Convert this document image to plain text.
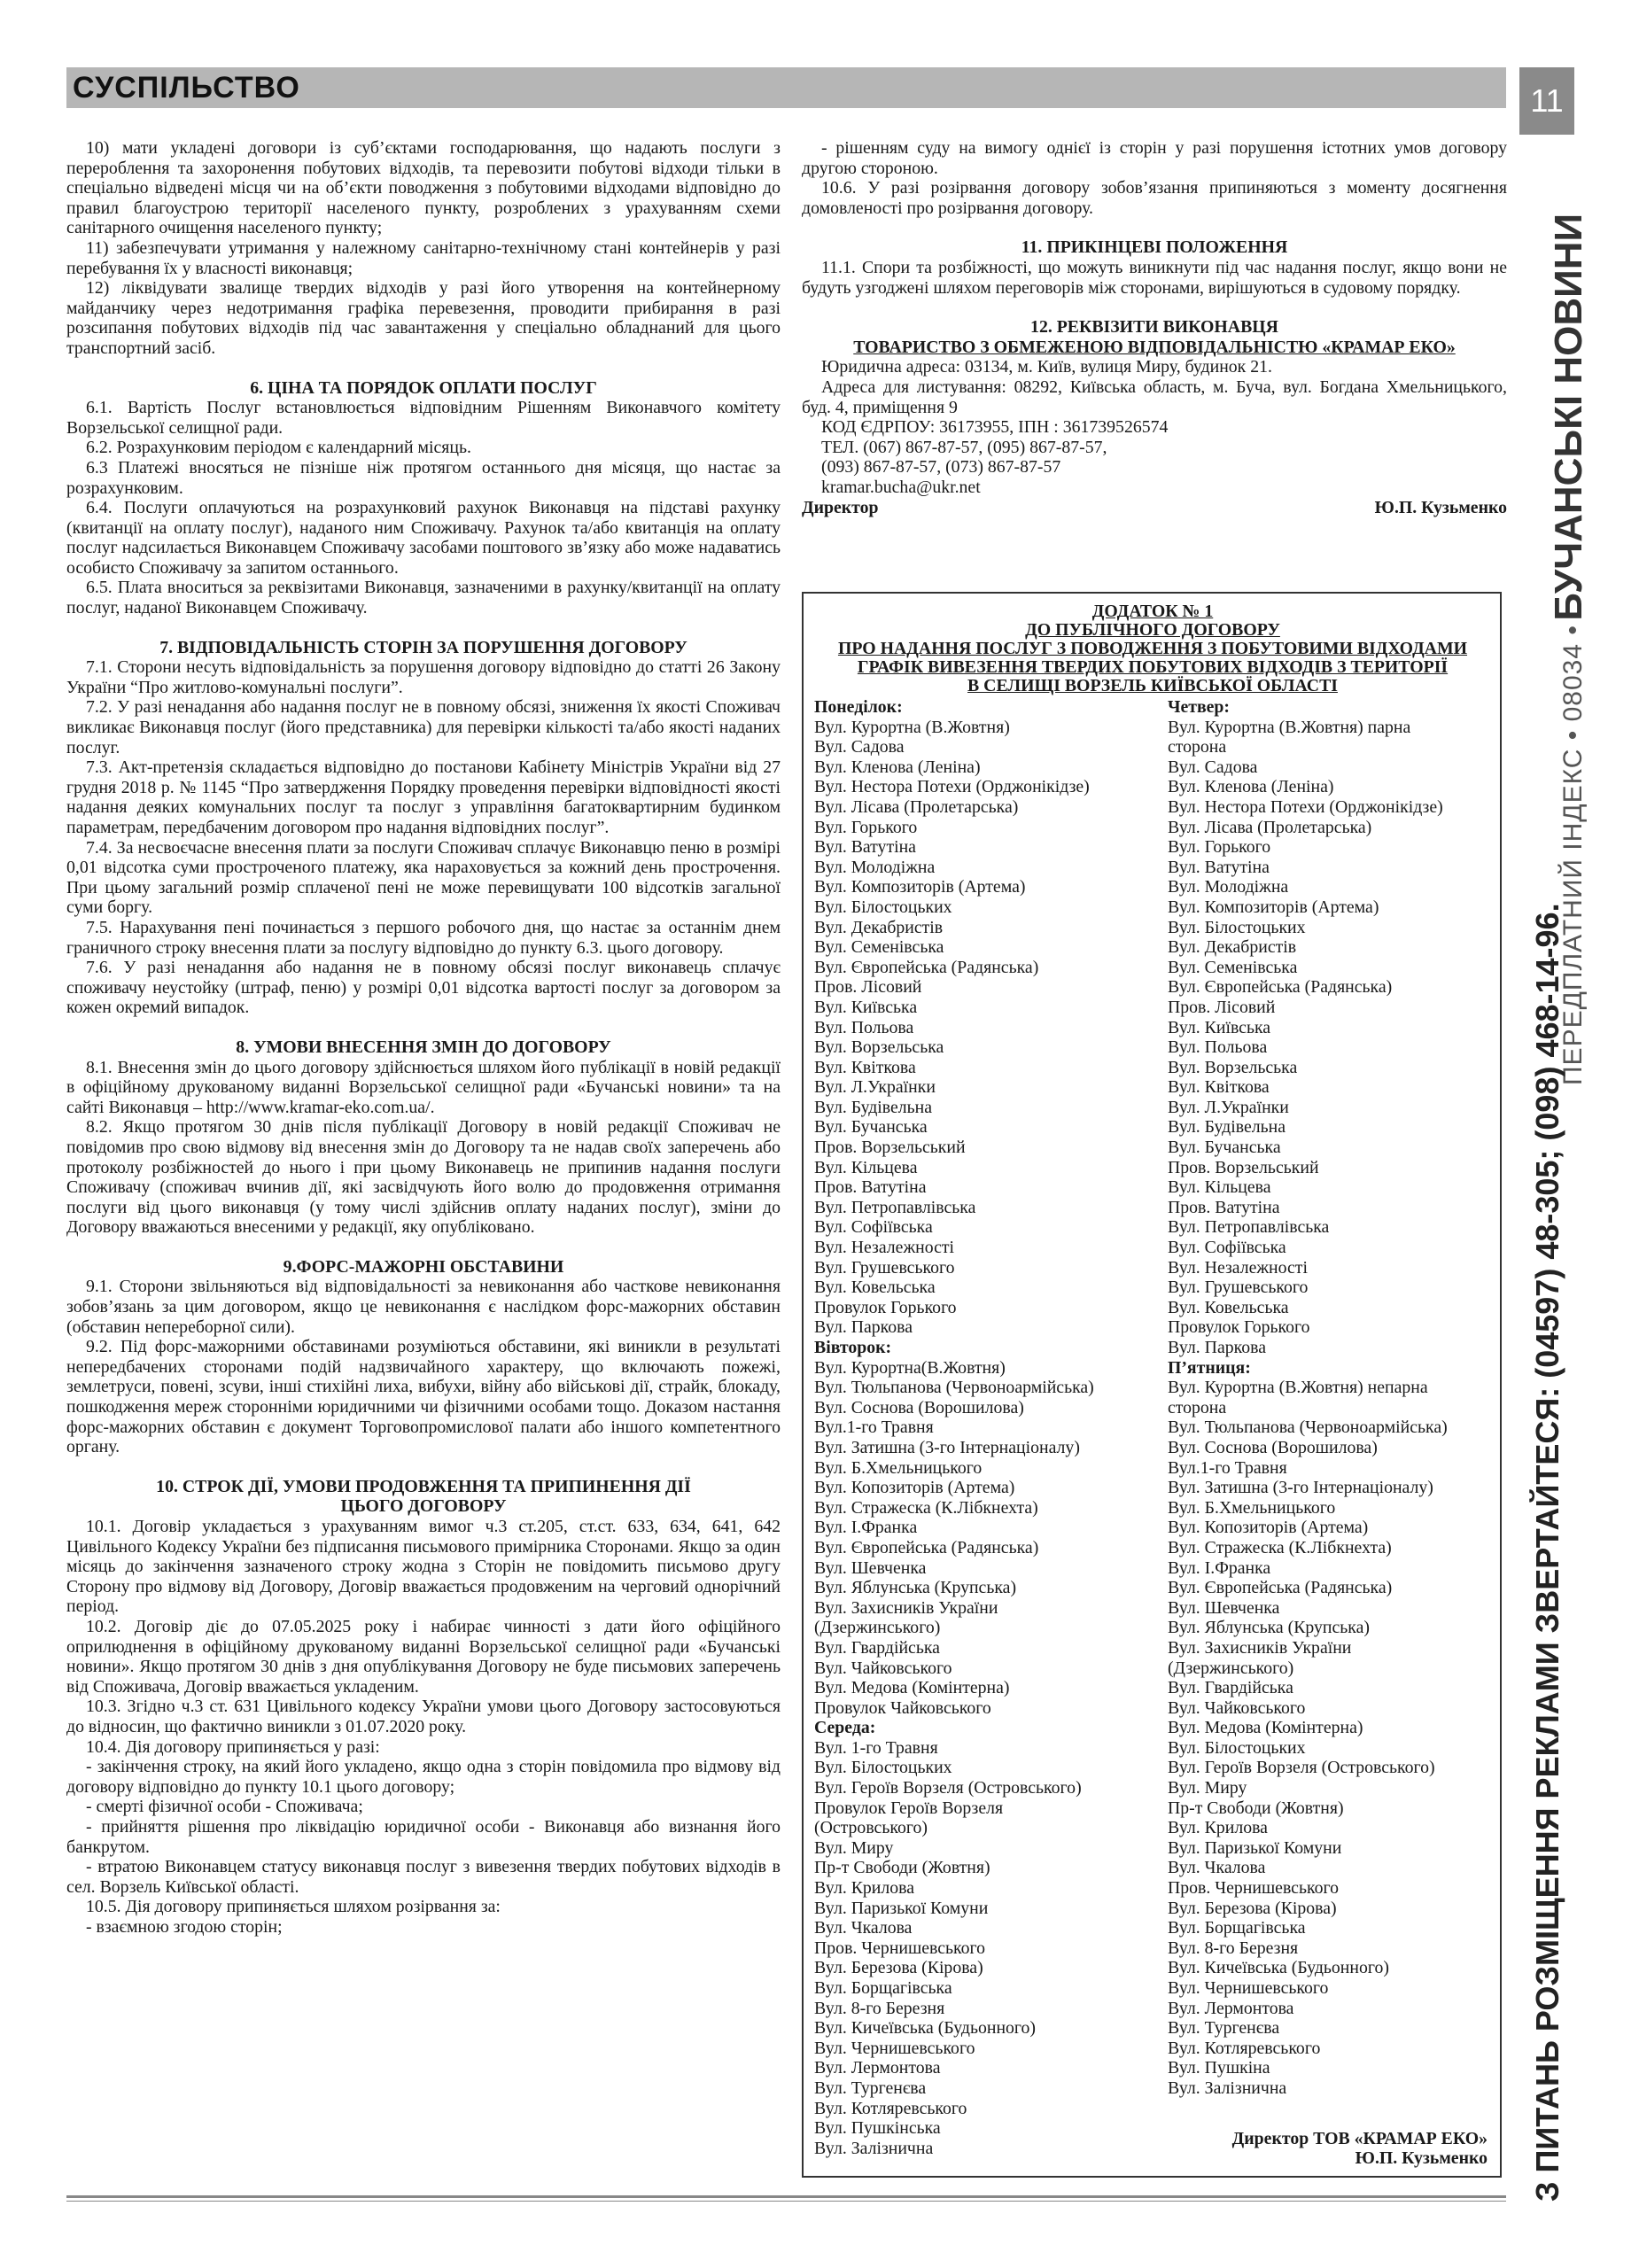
СУСПІЛЬСТВО	11
ПЕРЕДПЛАТНИЙ ІНДЕКС • 08034 • БУЧАНСЬКІ НОВИНИ
З ПИТАНЬ РОЗМІЩЕННЯ РЕКЛАМИ ЗВЕРТАЙТЕСЯ: (04597) 48-305; (098) 468-14-96.

10) мати укладені договори із суб’єктами господарювання, що надають послуги з перероблення та захоронення побутових відходів, та перевозити побутові відходи тільки в спеціально відведені місця чи на об’єкти поводження з побутовими відходами відповідно до правил благоустрою території населеного пункту, розроблених з урахуванням схеми санітарного очищення населеного пункту;

11) забезпечувати утримання у належному санітарно-технічному стані контейнерів у разі перебування їх у власності виконавця;

12) ліквідувати звалище твердих відходів у разі його утворення на контейнерному майданчику через недотримання графіка перевезення, проводити прибирання в разі розсипання побутових відходів під час завантаження у спеціально обладнаний для цього транспортний засіб.

6. ЦІНА ТА ПОРЯДОК ОПЛАТИ ПОСЛУГ

6.1. Вартість Послуг встановлюється відповідним Рішенням Виконавчого комітету Ворзельської селищної ради.

6.2. Розрахунковим періодом є календарний місяць.

6.3 Платежі вносяться не пізніше ніж протягом останнього дня місяця, що настає за розрахунковим.

6.4. Послуги оплачуються на розрахунковий рахунок Виконавця на підставі рахунку (квитанції на оплату послуг), наданого ним Споживачу. Рахунок та/або квитанція на оплату послуг надсилається Виконавцем Споживачу засобами поштового зв’язку або може надаватись особисто Споживачу за запитом останнього.

6.5. Плата вноситься за реквізитами Виконавця, зазначеними в рахунку/квитанції на оплату послуг, наданої Виконавцем Споживачу.

7. ВІДПОВІДАЛЬНІСТЬ СТОРІН ЗА ПОРУШЕННЯ ДОГОВОРУ

7.1. Сторони несуть відповідальність за порушення договору відповідно до статті 26 Закону України “Про житлово-комунальні послуги”.

7.2. У разі ненадання або надання послуг не в повному обсязі, зниження їх якості Споживач викликає Виконавця послуг (його представника) для перевірки кількості та/або якості наданих послуг.

7.3. Акт-претензія складається відповідно до постанови Кабінету Міністрів України від 27 грудня 2018 р. № 1145 “Про затвердження Порядку проведення перевірки відповідності якості надання деяких комунальних послуг та послуг з управління багатоквартирним будинком параметрам, передбаченим договором про надання відповідних послуг”.

7.4. За несвоєчасне внесення плати за послуги Споживач сплачує Виконавцю пеню в розмірі 0,01 відсотка суми простроченого платежу, яка нараховується за кожний день прострочення. При цьому загальний розмір сплаченої пені не може перевищувати 100 відсотків загальної суми боргу.

7.5. Нарахування пені починається з першого робочого дня, що настає за останнім днем граничного строку внесення плати за послугу відповідно до пункту 6.3. цього договору.

7.6. У разі ненадання або надання не в повному обсязі послуг виконавець сплачує споживачу неустойку (штраф, пеню) у розмірі 0,01 відсотка вартості послуг за договором за кожен окремий випадок.

8. УМОВИ ВНЕСЕННЯ ЗМІН ДО ДОГОВОРУ

8.1. Внесення змін до цього договору здійснюється шляхом його публікації в новій редакції в офіційному друкованому виданні Ворзельської селищної ради «Бучанські новини» та на сайті Виконавця – http://www.kramar-eko.com.ua/.

8.2. Якщо протягом 30 днів після публікації Договору в новій редакції Споживач не повідомив про свою відмову від внесення змін до Договору та не надав своїх заперечень або протоколу розбіжностей до нього і при цьому Виконавець не припинив надання послуги Споживачу (споживач вчинив дії, які засвідчують його волю до продовження отримання послуги від цього виконавця (у тому числі здійснив оплату наданих послуг), зміни до Договору вважаються внесеними у редакції, яку опубліковано.

9.ФОРС-МАЖОРНІ ОБСТАВИНИ

9.1. Сторони звільняються від відповідальності за невиконання або часткове невиконання зобов’язань за цим договором, якщо це невиконання є наслідком форс-мажорних обставин (обставин непереборної сили).

9.2. Під форс-мажорними обставинами розуміються обставини, які виникли в результаті непередбачених сторонами подій надзвичайного характеру, що включають пожежі, землетруси, повені, зсуви, інші стихійні лиха, вибухи, війну або військові дії, страйк, блокаду, пошкодження мереж сторонніми юридичними чи фізичними особами тощо. Доказом настання форс-мажорних обставин є документ Торговопромислової палати або іншого компетентного органу.

10. СТРОК ДІЇ, УМОВИ ПРОДОВЖЕННЯ ТА ПРИПИНЕННЯ ДІЇ
ЦЬОГО ДОГОВОРУ

10.1. Договір укладається з урахуванням вимог ч.3 ст.205, ст.ст. 633, 634, 641, 642 Цивільного Кодексу України без підписання письмового примірника Сторонами. Якщо за один місяць до закінчення зазначеного строку жодна з Сторін не повідомить письмово другу Сторону про відмову від Договору, Договір вважається продовженим на черговий однорічний період.

10.2. Договір діє до 07.05.2025 року і набирає чинності з дати його офіційного оприлюднення в офіційному друкованому виданні Ворзельської селищної ради «Бучанські новини». Якщо протягом 30 днів з дня опублікування Договору не буде письмових заперечень від Споживача, Договір вважається укладеним.

10.3. Згідно ч.3 ст. 631 Цивільного кодексу України умови цього Договору застосовуються до відносин, що фактично виникли з 01.07.2020 року.

10.4. Дія договору припиняється у разі:

- закінчення строку, на який його укладено, якщо одна з сторін повідомила про відмову від договору відповідно до пункту 10.1 цього договору;

- смерті фізичної особи - Споживача;

- прийняття рішення про ліквідацію юридичної особи - Виконавця або визнання його банкрутом.

- втратою Виконавцем статусу виконавця послуг з вивезення твердих побутових відходів в сел. Ворзель Київської області.

10.5. Дія договору припиняється шляхом розірвання за:

- взаємною згодою сторін;

- рішенням суду на вимогу однієї із сторін у разі порушення істотних умов договору другою стороною.

10.6. У разі розірвання договору зобов’язання припиняються з моменту досягнення домовленості про розірвання договору.

11. ПРИКІНЦЕВІ ПОЛОЖЕННЯ

11.1. Спори та розбіжності, що можуть виникнути під час надання послуг, якщо вони не будуть узгоджені шляхом переговорів між сторонами, вирішуються в судовому порядку.

12. РЕКВІЗИТИ ВИКОНАВЦЯ
ТОВАРИСТВО З ОБМЕЖЕНОЮ ВІДПОВІДАЛЬНІСТЮ «КРАМАР ЕКО»

Юридична адреса: 03134, м. Київ, вулиця Миру, будинок 21.

Адреса для листування: 08292, Київська область, м. Буча, вул. Богдана Хмельницького, буд. 4, приміщення 9

КОД ЄДРПОУ: 36173955, ІПН : 361739526574

ТЕЛ. (067) 867-87-57, (095) 867-87-57,

(093) 867-87-57, (073) 867-87-57

kramar.bucha@ukr.net

Директор	Ю.П. Кузьменко
ДОДАТОК № 1
ДО ПУБЛІЧНОГО ДОГОВОРУ
ПРО НАДАННЯ ПОСЛУГ З ПОВОДЖЕННЯ З ПОБУТОВИМИ ВІДХОДАМИ
ГРАФІК ВИВЕЗЕННЯ ТВЕРДИХ ПОБУТОВИХ ВІДХОДІВ З ТЕРИТОРІЇ
В СЕЛИЩІ ВОРЗЕЛЬ КИЇВСЬКОЇ ОБЛАСТІ
Понеділок:
Вул. Курортна (В.Жовтня)
Вул. Садова
Вул. Кленова (Леніна)
Вул. Нестора Потехи (Орджонікідзе)
Вул. Лісава (Пролетарська)
Вул. Горького
Вул. Ватутіна
Вул. Молодіжна
Вул. Композиторів (Артема)
Вул. Білостоцьких
Вул. Декабристів
Вул. Семенівська
Вул. Європейська (Радянська)
Пров. Лісовий
Вул. Київська
Вул. Польова
Вул. Ворзельська
Вул. Квіткова
Вул. Л.Українки
Вул. Будівельна
Вул. Бучанська
Пров. Ворзельський
Вул. Кільцева
Пров. Ватутіна
Вул. Петропавлівська
Вул. Софіївська
Вул. Незалежності
Вул. Грушевського
Вул. Ковельська
Провулок Горького
Вул. Паркова
Вівторок:
Вул. Курортна(В.Жовтня)
Вул. Тюльпанова (Червоноармійська)
Вул. Соснова (Ворошилова)
Вул.1-го Травня
Вул. Затишна (3-го Інтернаціоналу)
Вул. Б.Хмельницького
Вул. Копозиторів (Артема)
Вул. Стражеска (К.Лібкнехта)
Вул. І.Франка
Вул. Європейська (Радянська)
Вул. Шевченка
Вул. Яблунська (Крупська)
Вул. Захисників України
(Дзержинського)
Вул. Гвардійська
Вул. Чайковського
Вул. Медова (Комінтерна)
Провулок Чайковського
Середа:
Вул. 1-го Травня
Вул. Білостоцьких
Вул. Героїв Ворзеля (Островського)
Провулок Героїв Ворзеля
(Островського)
Вул. Миру
Пр-т Свободи (Жовтня)
Вул. Крилова
Вул. Паризької Комуни
Вул. Чкалова
Пров. Чернишевського
Вул. Березова (Кірова)
Вул. Борщагівська
Вул. 8-го Березня
Вул. Кичеївська (Будьонного)
Вул. Чернишевського
Вул. Лермонтова
Вул. Тургенєва
Вул. Котляревського
Вул. Пушкінська
Вул. Залізнична
Четвер:
Вул. Курортна (В.Жовтня) парна
сторона
Вул. Садова
Вул. Кленова (Леніна)
Вул. Нестора Потехи (Орджонікідзе)
Вул. Лісава (Пролетарська)
Вул. Горького
Вул. Ватутіна
Вул. Молодіжна
Вул. Композиторів (Артема)
Вул. Білостоцьких
Вул. Декабристів
Вул. Семенівська
Вул. Європейська (Радянська)
Пров. Лісовий
Вул. Київська
Вул. Польова
Вул. Ворзельська
Вул. Квіткова
Вул. Л.Українки
Вул. Будівельна
Вул. Бучанська
Пров. Ворзельський
Вул. Кільцева
Пров. Ватутіна
Вул. Петропавлівська
Вул. Софіївська
Вул. Незалежності
Вул. Грушевського
Вул. Ковельська
Провулок Горького
Вул. Паркова
П’ятниця:
Вул. Курортна (В.Жовтня) непарна
сторона
Вул. Тюльпанова (Червоноармійська)
Вул. Соснова (Ворошилова)
Вул.1-го Травня
Вул. Затишна (3-го Інтернаціоналу)
Вул. Б.Хмельницького
Вул. Копозиторів (Артема)
Вул. Стражеска (К.Лібкнехта)
Вул. І.Франка
Вул. Європейська (Радянська)
Вул. Шевченка
Вул. Яблунська (Крупська)
Вул. Захисників України
(Дзержинського)
Вул. Гвардійська
Вул. Чайковського
Вул. Медова (Комінтерна)
Вул. Білостоцьких
Вул. Героїв Ворзеля (Островського)
Вул. Миру
Пр-т Свободи (Жовтня)
Вул. Крилова
Вул. Паризької Комуни
Вул. Чкалова
Пров. Чернишевського
Вул. Березова (Кірова)
Вул. Борщагівська
Вул. 8-го Березня
Вул. Кичеївська (Будьонного)
Вул. Чернишевського
Вул. Лермонтова
Вул. Тургенєва
Вул. Котляревського
Вул. Пушкіна
Вул. Залізнична
Директор ТОВ «КРАМАР ЕКО»
Ю.П. Кузьменко
